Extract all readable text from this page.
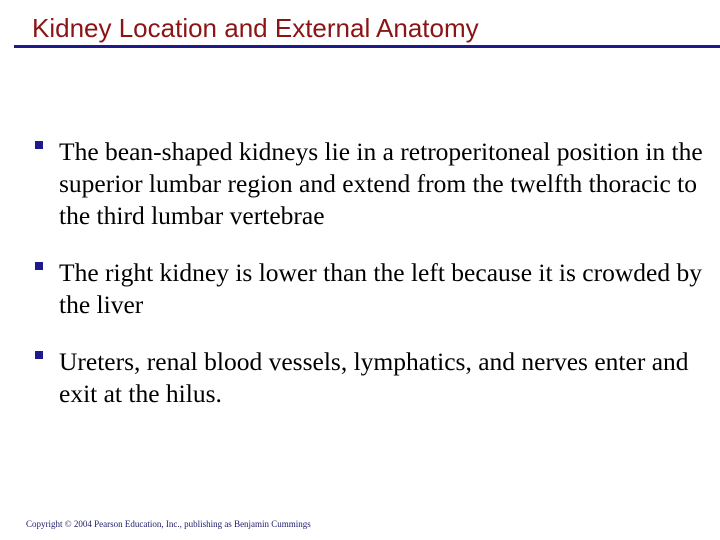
Kidney Location and External Anatomy
The bean-shaped kidneys lie in a retroperitoneal position in the superior lumbar region and extend from the twelfth thoracic to the third lumbar vertebrae
The right kidney is lower than the left because it is crowded by the liver
Ureters, renal blood vessels, lymphatics, and nerves enter and exit at the hilus.

Copyright © 2004 Pearson Education, Inc., publishing as Benjamin Cummings
